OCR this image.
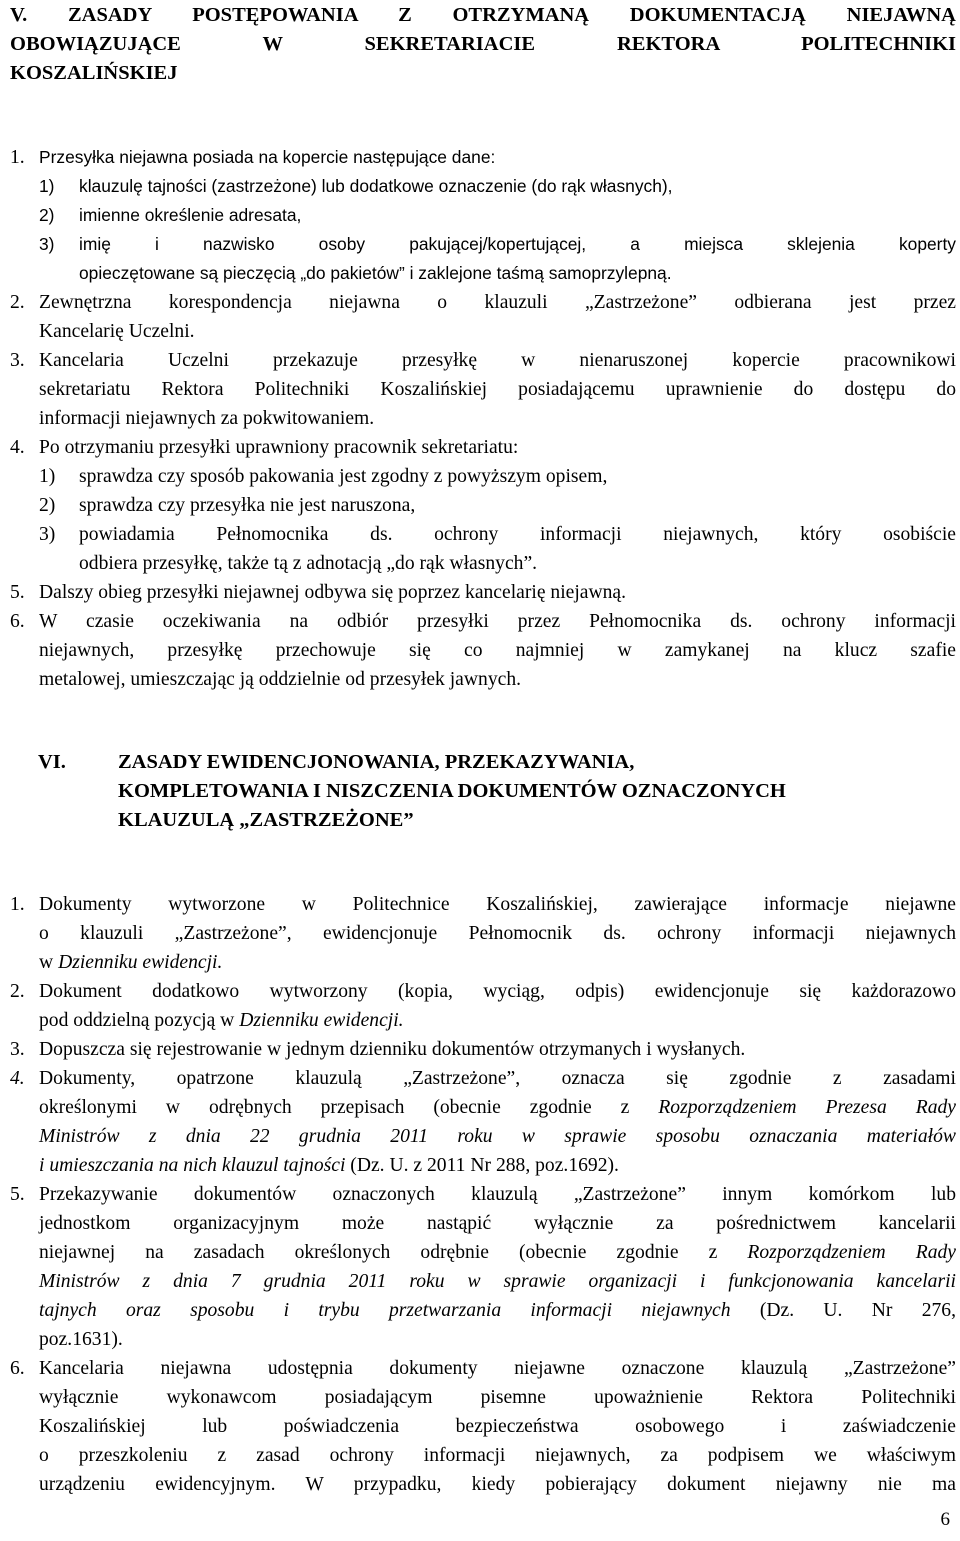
V. ZASADY POSTĘPOWANIA Z OTRZYMANĄ DOKUMENTACJĄ NIEJAWNĄ
OBOWIĄZUJĄCE W SEKRETARIACIE REKTORA POLITECHNIKI
KOSZALIŃSKIEJ
1. Przesyłka niejawna posiada na kopercie następujące dane:
1)	klauzulę tajności (zastrzeżone) lub dodatkowe oznaczenie (do rąk własnych),
2)	imienne określenie adresata,
3)	imię i nazwisko osoby pakującej/kopertującej, a miejsca sklejenia koperty
opieczętowane są pieczęcią „do pakietów” i zaklejone taśmą samoprzylepną.
2. Zewnętrzna korespondencja niejawna o klauzuli „Zastrzeżone” odbierana jest przez
Kancelarię Uczelni.
3. Kancelaria Uczelni przekazuje przesyłkę w nienaruszonej kopercie pracownikowi
sekretariatu Rektora Politechniki Koszalińskiej posiadającemu uprawnienie do dostępu do
informacji niejawnych za pokwitowaniem.
4. Po otrzymaniu przesyłki uprawniony pracownik sekretariatu:
1)	sprawdza czy sposób pakowania jest zgodny z powyższym opisem,
2)	sprawdza czy przesyłka nie jest naruszona,
3)	powiadamia Pełnomocnika ds. ochrony informacji niejawnych, który osobiście
odbiera przesyłkę, także tą z adnotacją „do rąk własnych”.
5. Dalszy obieg przesyłki niejawnej odbywa się poprzez kancelarię niejawną.
6. W czasie oczekiwania na odbiór przesyłki przez Pełnomocnika ds. ochrony informacji
niejawnych, przesyłkę przechowuje się co najmniej w zamykanej na klucz szafie
metalowej, umieszczając ją oddzielnie od przesyłek jawnych.
VI.	ZASADY EWIDENCJONOWANIA, PRZEKAZYWANIA,
KOMPLETOWANIA I NISZCZENIA DOKUMENTÓW OZNACZONYCH
KLAUZULĄ „ZASTRZEŻONE”
1. Dokumenty wytworzone w Politechnice Koszalińskiej, zawierające informacje niejawne
o klauzuli „Zastrzeżone”, ewidencjonuje Pełnomocnik ds. ochrony informacji niejawnych
w Dzienniku ewidencji.
2. Dokument dodatkowo wytworzony (kopia, wyciąg, odpis) ewidencjonuje się każdorazowo
pod oddzielną pozycją w Dzienniku ewidencji.
3. Dopuszcza się rejestrowanie w jednym dzienniku dokumentów otrzymanych i wysłanych.
4. Dokumenty, opatrzone klauzulą „Zastrzeżone”, oznacza się zgodnie z zasadami
określonymi w odrębnych przepisach (obecnie zgodnie z Rozporządzeniem Prezesa Rady
Ministrów z dnia 22 grudnia 2011 roku w sprawie sposobu oznaczania materiałów
i umieszczania na nich klauzul tajności (Dz. U. z 2011 Nr 288, poz.1692).
5. Przekazywanie dokumentów oznaczonych klauzulą „Zastrzeżone” innym komórkom lub
jednostkom organizacyjnym może nastąpić wyłącznie za pośrednictwem kancelarii
niejawnej na zasadach określonych odrębnie (obecnie zgodnie z Rozporządzeniem Rady
Ministrów z dnia 7 grudnia 2011 roku w sprawie organizacji i funkcjonowania kancelarii
tajnych oraz sposobu i trybu przetwarzania informacji niejawnych (Dz. U. Nr 276,
poz.1631).
6. Kancelaria niejawna udostępnia dokumenty niejawne oznaczone klauzulą „Zastrzeżone”
wyłącznie wykonawcom posiadającym pisemne upoważnienie Rektora Politechniki
Koszalińskiej lub poświadczenia bezpieczeństwa osobowego i zaświadczenie
o przeszkoleniu z zasad ochrony informacji niejawnych, za podpisem we właściwym
urządzeniu ewidencyjnym. W przypadku, kiedy pobierający dokument niejawny nie ma
6
